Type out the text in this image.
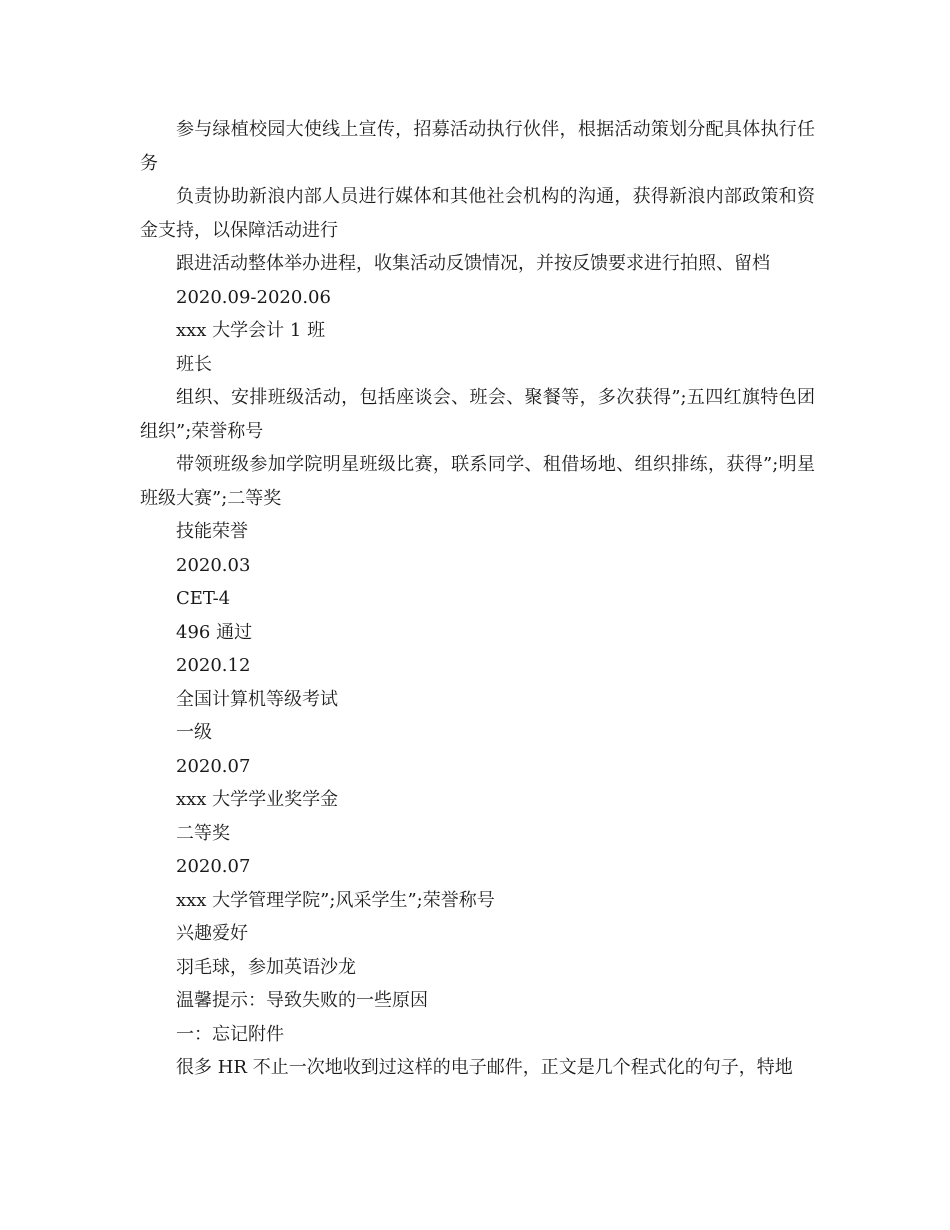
参与绿植校园大使线上宣传，招募活动执行伙伴，根据活动策划分配具体执行任务

负责协助新浪内部人员进行媒体和其他社会机构的沟通，获得新浪内部政策和资金支持，以保障活动进行

跟进活动整体举办进程，收集活动反馈情况，并按反馈要求进行拍照、留档

2020.09-2020.06

xxx 大学会计 1 班

班长

组织、安排班级活动，包括座谈会、班会、聚餐等，多次获得”;五四红旗特色团组织”;荣誉称号

带领班级参加学院明星班级比赛，联系同学、租借场地、组织排练，获得”;明星班级大赛”;二等奖

技能荣誉

2020.03

CET-4

496 通过

2020.12

全国计算机等级考试

一级

2020.07

xxx 大学学业奖学金

二等奖

2020.07

xxx 大学管理学院”;风采学生”;荣誉称号

兴趣爱好

羽毛球，参加英语沙龙

温馨提示：导致失败的一些原因

一：忘记附件

很多 HR 不止一次地收到过这样的电子邮件，正文是几个程式化的句子，特地
